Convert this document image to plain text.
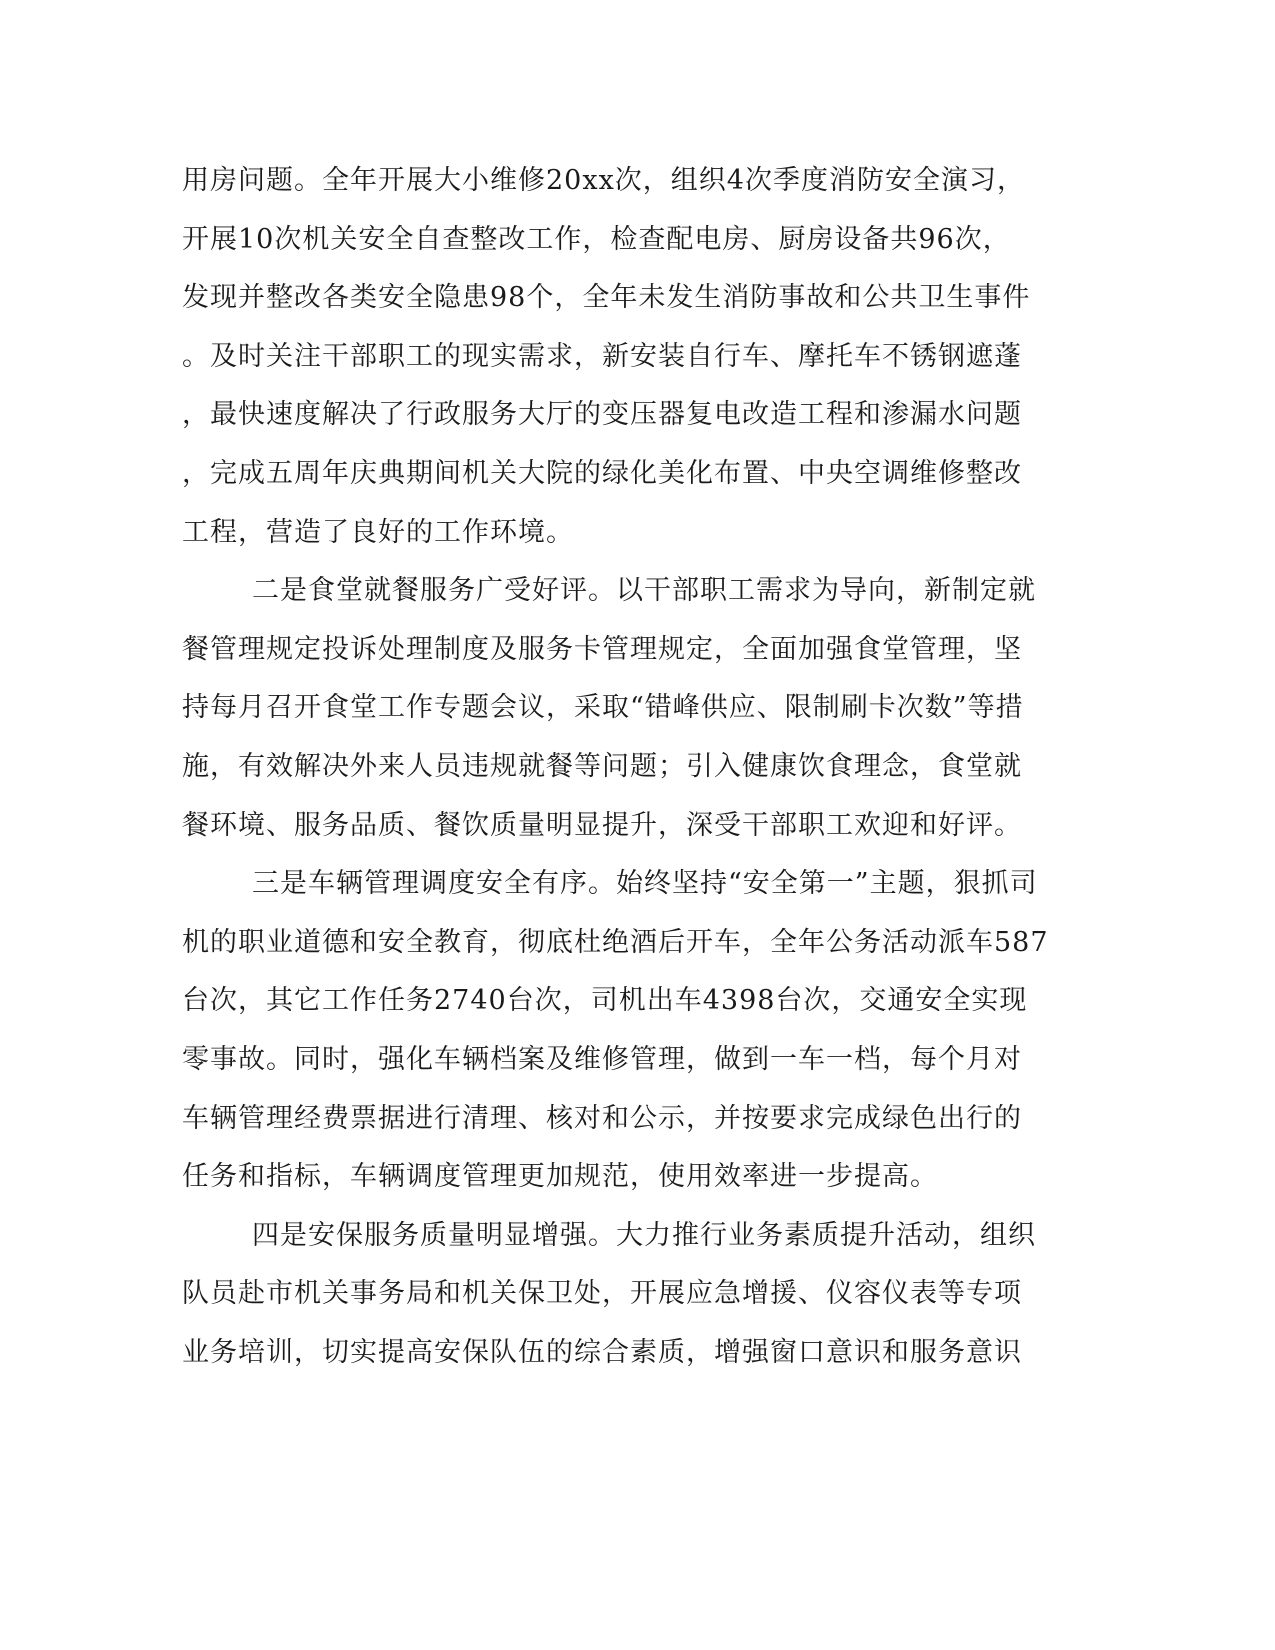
用房问题。全年开展大小维修20xx次，组织4次季度消防安全演习，
开展10次机关安全自查整改工作，检查配电房、厨房设备共96次，
发现并整改各类安全隐患98个，全年未发生消防事故和公共卫生事件
。及时关注干部职工的现实需求，新安装自行车、摩托车不锈钢遮蓬
，最快速度解决了行政服务大厅的变压器复电改造工程和渗漏水问题
，完成五周年庆典期间机关大院的绿化美化布置、中央空调维修整改
工程，营造了良好的工作环境。
二是食堂就餐服务广受好评。以干部职工需求为导向，新制定就
餐管理规定投诉处理制度及服务卡管理规定，全面加强食堂管理，坚
持每月召开食堂工作专题会议，采取“错峰供应、限制刷卡次数”等措
施，有效解决外来人员违规就餐等问题；引入健康饮食理念，食堂就
餐环境、服务品质、餐饮质量明显提升，深受干部职工欢迎和好评。
三是车辆管理调度安全有序。始终坚持“安全第一”主题，狠抓司
机的职业道德和安全教育，彻底杜绝酒后开车，全年公务活动派车587
台次，其它工作任务2740台次，司机出车4398台次，交通安全实现
零事故。同时，强化车辆档案及维修管理，做到一车一档，每个月对
车辆管理经费票据进行清理、核对和公示，并按要求完成绿色出行的
任务和指标，车辆调度管理更加规范，使用效率进一步提高。
四是安保服务质量明显增强。大力推行业务素质提升活动，组织
队员赴市机关事务局和机关保卫处，开展应急增援、仪容仪表等专项
业务培训，切实提高安保队伍的综合素质，增强窗口意识和服务意识
